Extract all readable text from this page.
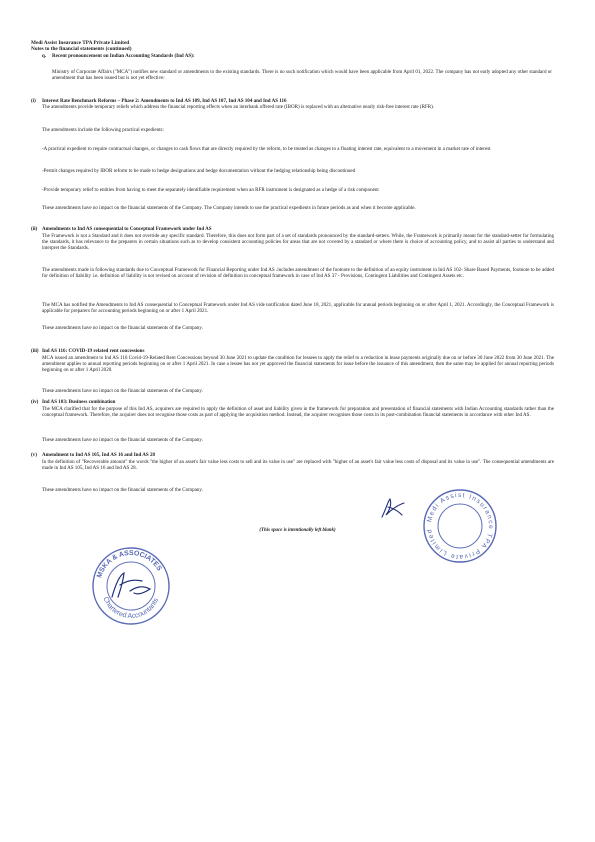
Medi Assist Insurance TPA Private Limited
Notes to the financial statements (continued)
q. Recent pronouncement on Indian Accounting Standards (Ind AS):
Ministry of Corporate Affairs ("MCA") notifies new standard or amendments to the existing standards. There is no such notification which would have been applicable from April 01, 2022. The company has not early adopted any other standard or amendment that has been issued but is not yet effective:
(i) Interest Rate Benchmark Reforms – Phase 2: Amendments to Ind AS 109, Ind AS 107, Ind AS 104 and Ind AS 116
The amendments provide temporary reliefs which address the financial reporting effects when an interbank offered rate (IBOR) is replaced with an alternative nearly risk-free interest rate (RFR).
The amendments include the following practical expedients:
-A practical expedient to require contractual changes, or changes to cash flows that are directly required by the reform, to be treated as changes to a floating interest rate, equivalent to a movement in a market rate of interest
-Permit changes required by IBOR reform to be made to hedge designations and hedge documentation without the hedging relationship being discontinued
-Provide temporary relief to entities from having to meet the separately identifiable requirement when an RFR instrument is designated as a hedge of a risk component
These amendments have no impact on the financial statements of the Company. The Company intends to use the practical expedients in future periods as and when it become applicable.
(ii) Amendments to Ind AS consequential to Conceptual Framework under Ind AS
The Framework is not a Standard and it does not override any specific standard. Therefore, this does not form part of a set of standards pronounced by the standard-setters. While, the Framework is primarily meant for the standard-setter for formulating the standards, it has relevance to the preparers in certain situations such as to develop consistent accounting policies for areas that are not covered by a standard or where there is choice of accounting policy, and to assist all parties to understand and interpret the Standards.
The amendments made in following standards due to Conceptual Framework for Financial Reporting under Ind AS .includes amendment of the footnote to the definition of an equity instrument in Ind AS 102- Share Based Payments, footnote to be added for definition of liability i.e. definition of liability is not revised on account of revision of definition in conceptual framework in case of Ind AS 37 - Provisions, Contingent Liabilities and Contingent Assets etc.
The MCA has notified the Amendments to Ind AS consequential to Conceptual Framework under Ind AS vide notification dated June 18, 2021, applicable for annual periods beginning on or after April 1, 2021. Accordingly, the Conceptual Framework is applicable for preparers for accounting periods beginning on or after 1 April 2021.
These amendments have no impact on the financial statements of the Company.
(iii) Ind AS 116: COVID-19 related rent concessions
MCA issued an amendment to Ind AS 116 Covid-19-Related Rent Concessions beyond 30 June 2021 to update the condition for lessees to apply the relief to a reduction in lease payments originally due on or before 30 June 2022 from 30 June 2021. The amendment applies to annual reporting periods beginning on or after 1 April 2021. In case a lessee has not yet approved the financial statements for issue before the issuance of this amendment, then the same may be applied for annual reporting periods beginning on or after 1 April 2020.
These amendments have no impact on the financial statements of the Company.
(iv) Ind AS 103: Business combination
The MCA clarified that for the purpose of this Ind AS, acquirers are required to apply the definition of asset and liability given in the framework for preparation and presentation of financial statements with Indian Accounting standards rather than the conceptual framework. Therefore, the acquirer does not recognise those costs as part of applying the acquisition method. Instead, the acquirer recognises those costs in its post-combination financial statements in accordance with other Ind AS.
These amendments have no impact on the financial statements of the Company.
(v) Amendment to Ind AS 105, Ind AS 16 and Ind AS 28
In the definition of "Recoverable amount" the words "the higher of an asset's fair value less costs to sell and its value in use" are replaced with "higher of an asset's fair value less costs of disposal and its value in use". The consequential amendments are made in Ind AS 105, Ind AS 16 and Ind AS 28.
These amendments have no impact on the financial statements of the Company.
(This space is intentionally left blank)
Medi Assist Insurance TPA Private Limited
MSKA & ASSOCIATES
Chartered Accountants
